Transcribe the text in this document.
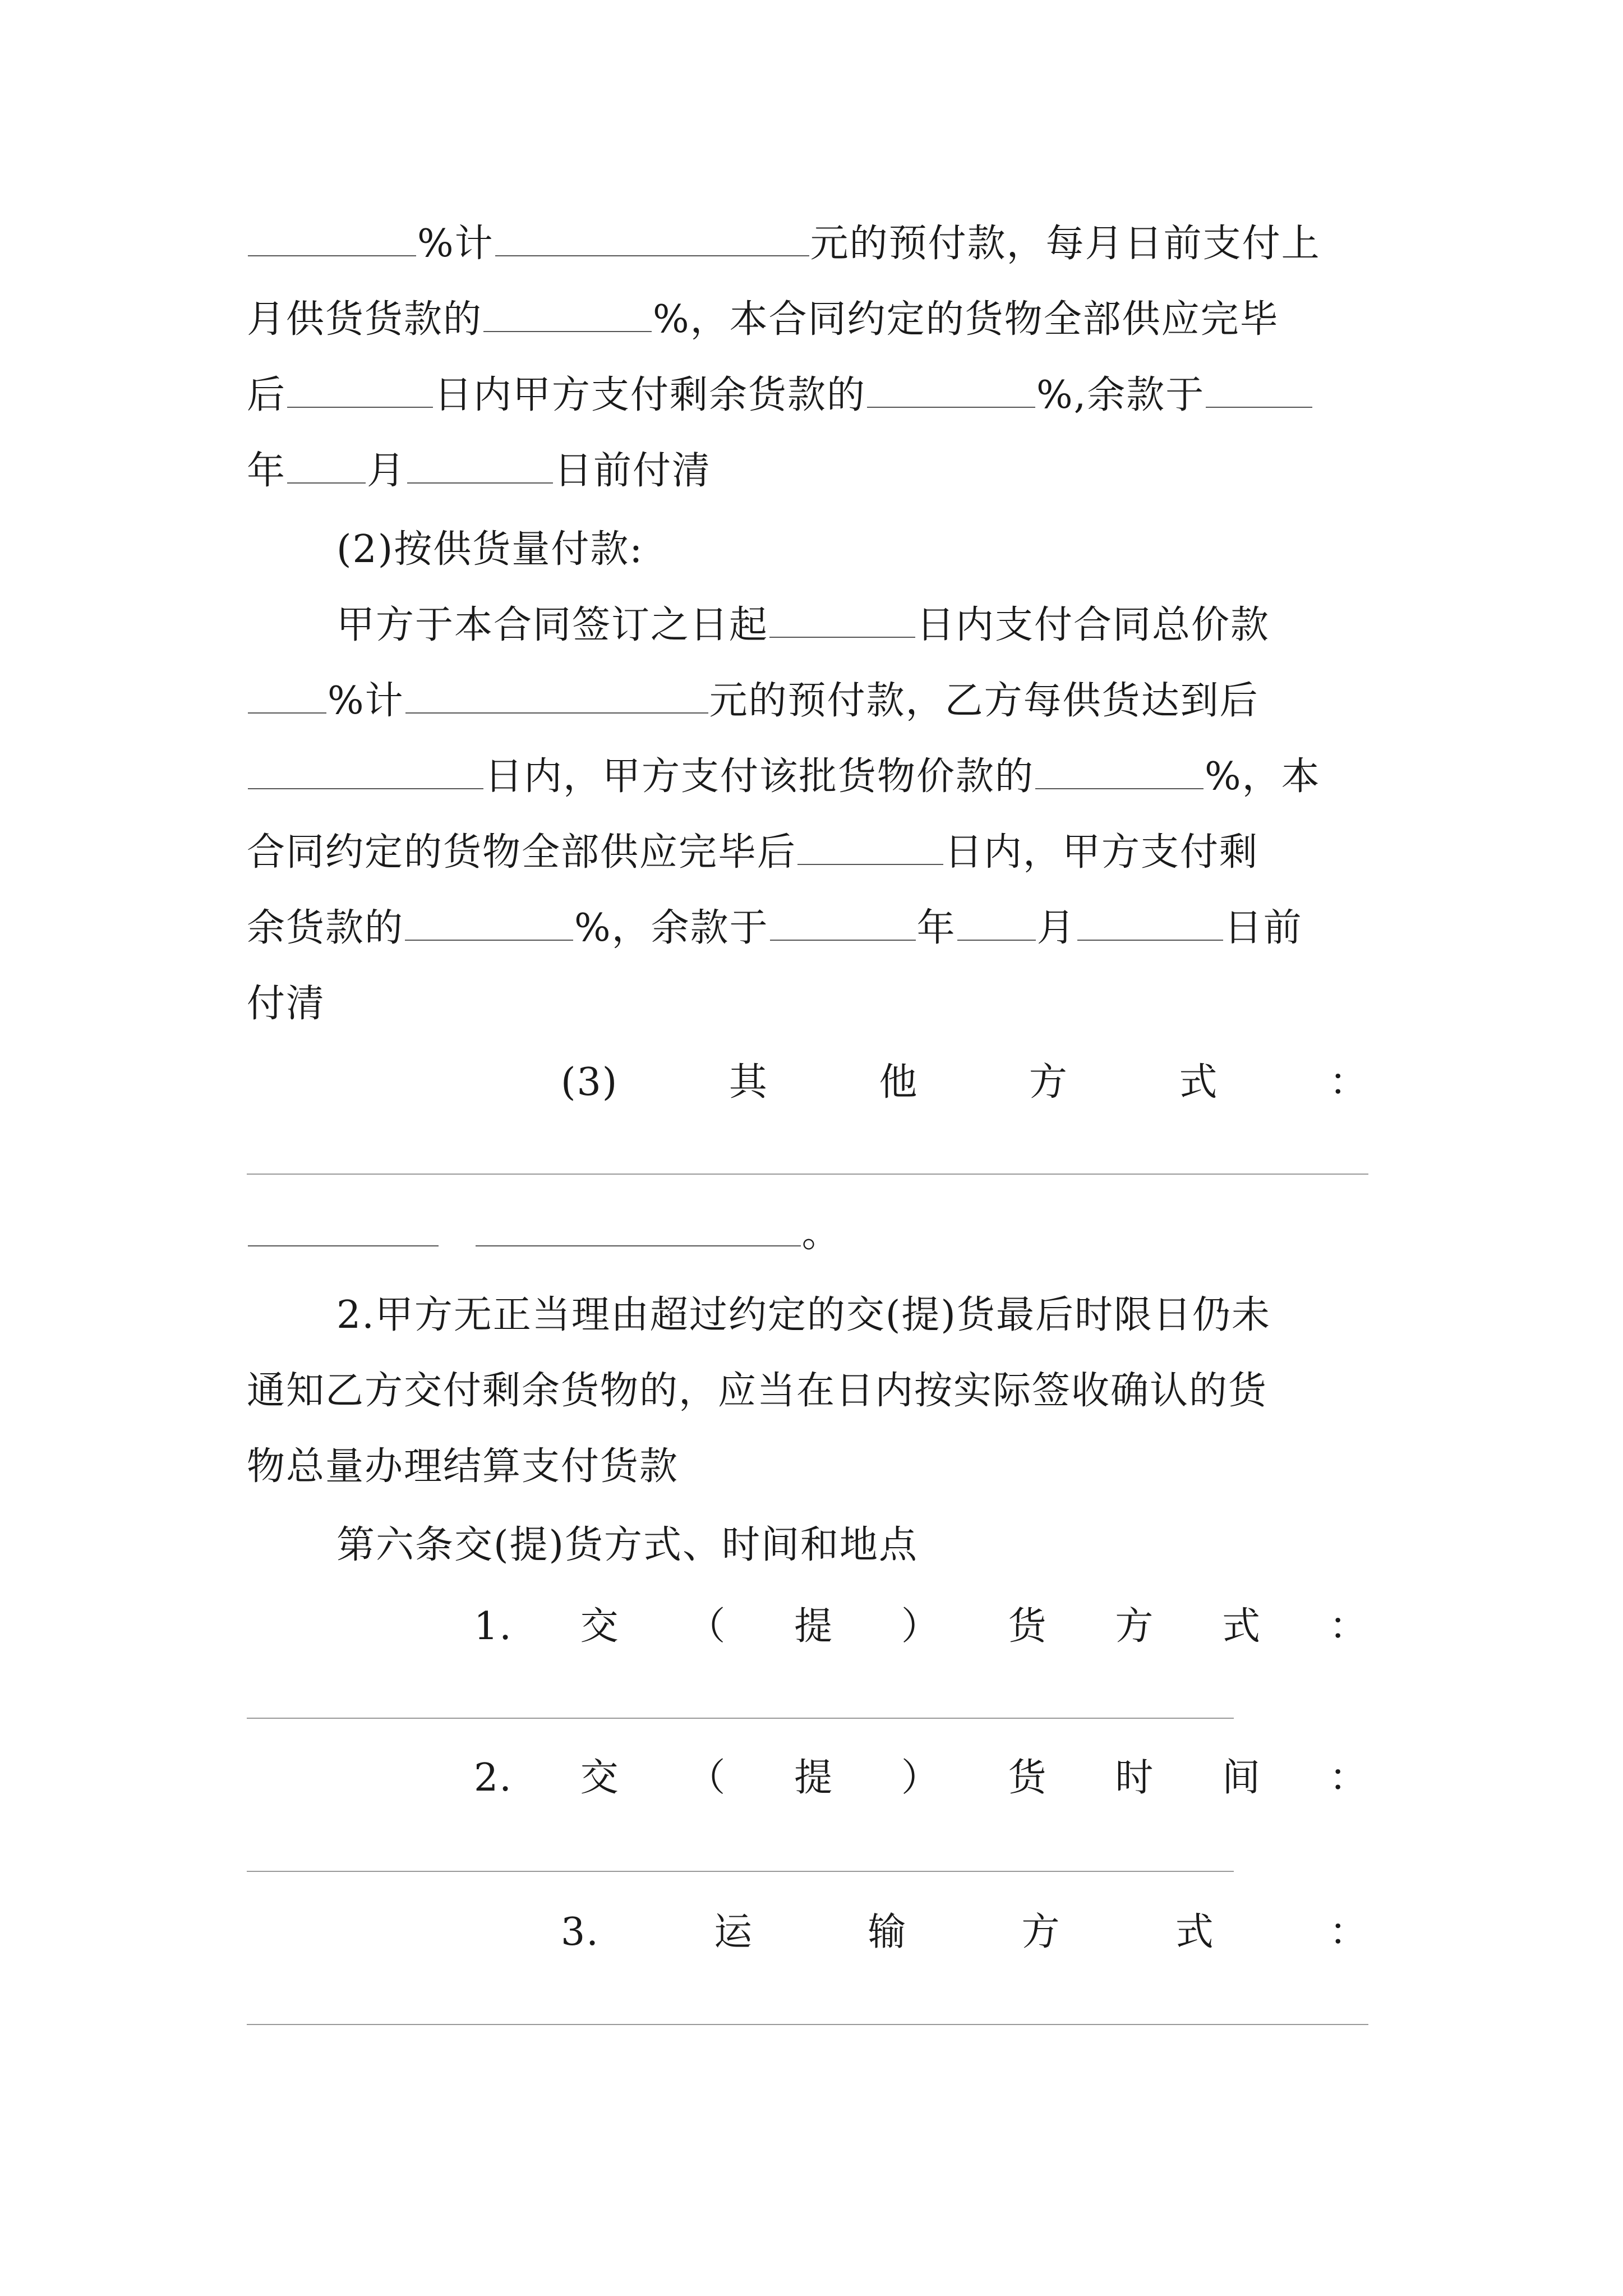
%计	元的预付款，每月日前支付上
月供货货款的	%，本合同约定的货物全部供应完毕
后	日内甲方支付剩余货款的	%,余款于
年 月	日前付清
(2)按供货量付款:
甲方于本合同签订之日起	日内支付合同总价款
%计	元的预付款，乙方每供货达到后
日内，甲方支付该批货物价款的	%，本
合同约定的货物全部供应完毕后	日内，甲方支付剩
余货款的	%，余款于	年 月	日前
付清
(3)	其	他	方	式	：
。
2.甲方无正当理由超过约定的交(提)货最后时限日仍未
通知乙方交付剩余货物的，应当在日内按实际签收确认的货
物总量办理结算支付货款
第六条交(提)货方式、时间和地点
1. 交 （ 提 ） 货 方 式 ：
2. 交 （ 提 ） 货 时 间 ：
3.	运	输	方	式	：
